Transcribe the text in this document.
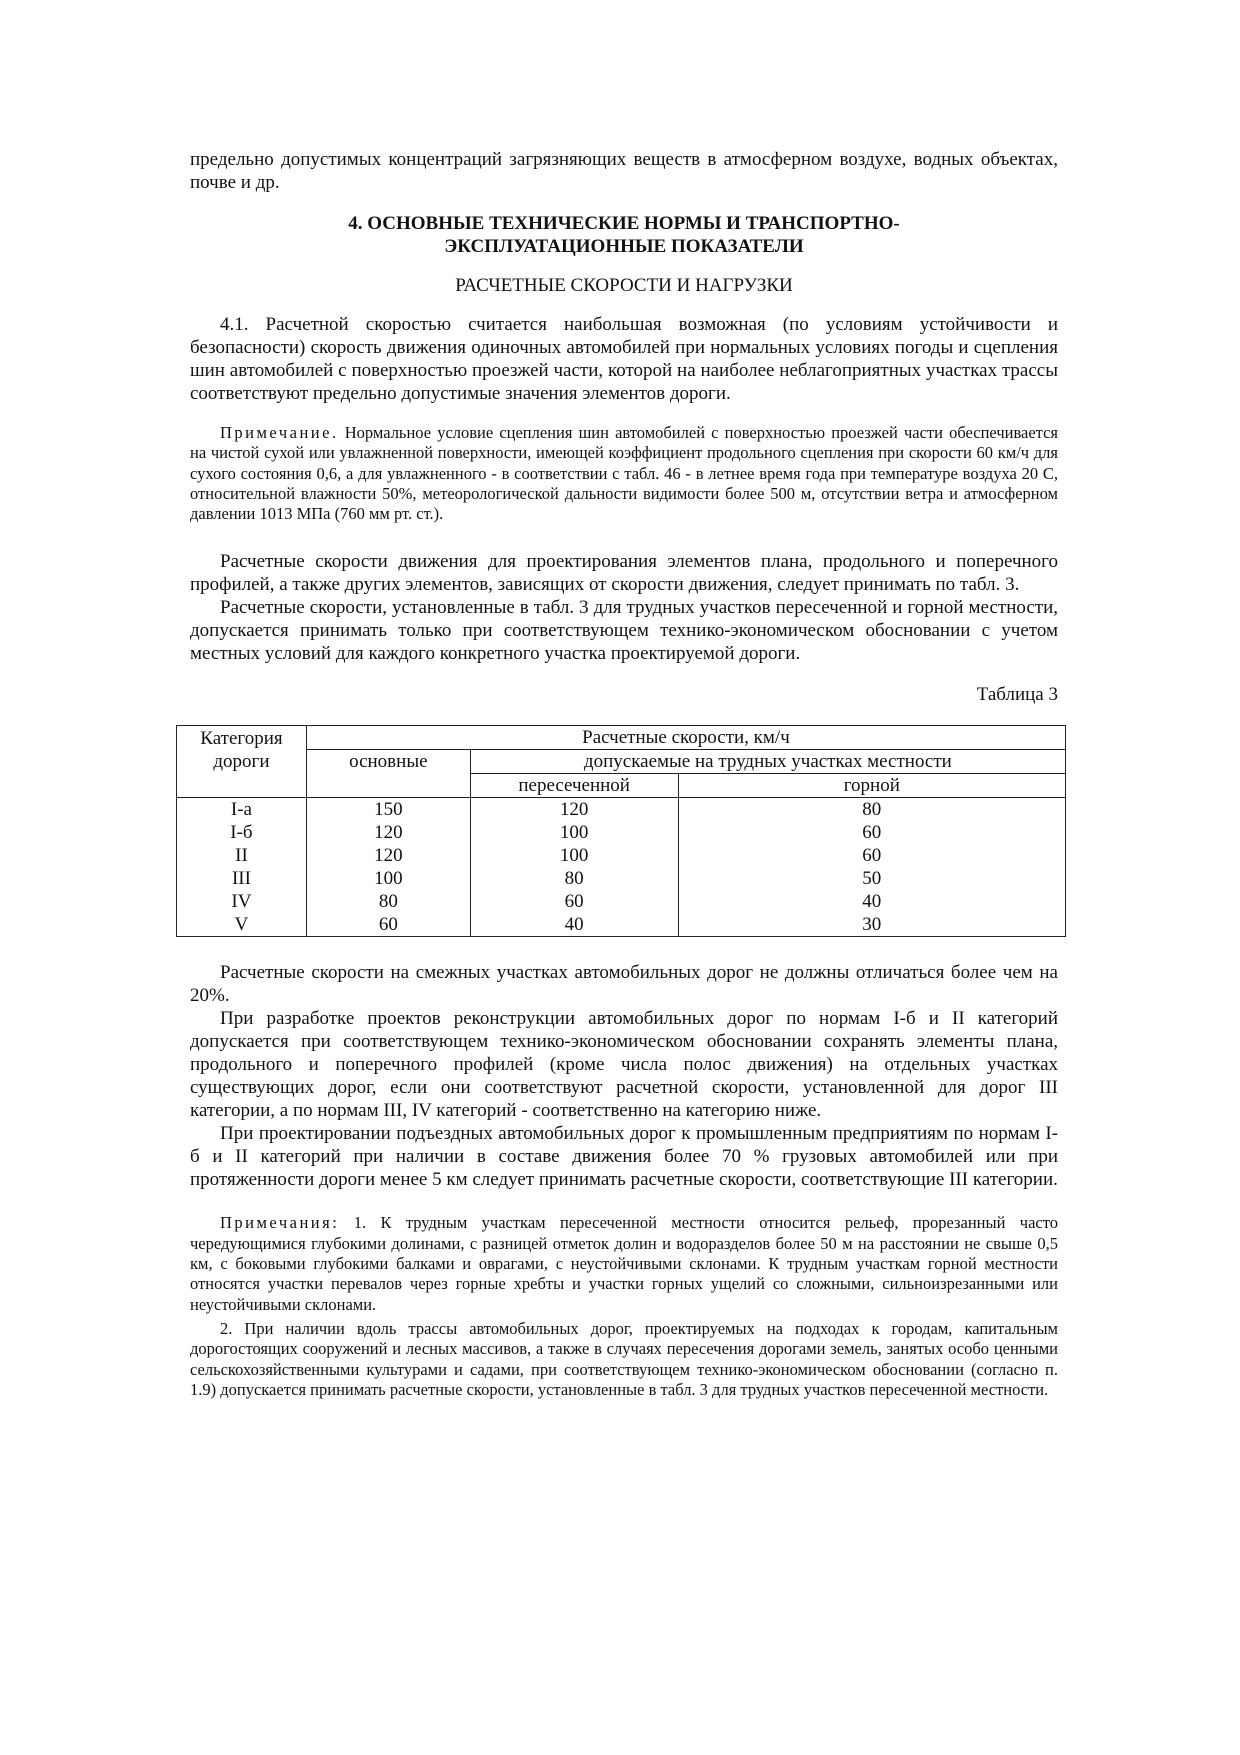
предельно допустимых концентраций загрязняющих веществ в атмосферном воздухе, водных объектах, почве и др.

4. ОСНОВНЫЕ ТЕХНИЧЕСКИЕ НОРМЫ И ТРАНСПОРТНО-
ЭКСПЛУАТАЦИОННЫЕ ПОКАЗАТЕЛИ
РАСЧЕТНЫЕ СКОРОСТИ И НАГРУЗКИ

4.1. Расчетной скоростью считается наибольшая возможная (по условиям устойчивости и безопасности) скорость движения одиночных автомобилей при нормальных условиях погоды и сцепления шин автомобилей с поверхностью проезжей части, которой на наиболее неблагоприятных участках трассы соответствуют предельно допустимые значения элементов дороги.

Примечание. Нормальное условие сцепления шин автомобилей с поверхностью проезжей части обеспечивается на чистой сухой или увлажненной поверхности, имеющей коэффициент продольного сцепления при скорости 60 км/ч для сухого состояния 0,6, а для увлажненного - в соответствии с табл. 46 - в летнее время года при температуре воздуха 20 С, относительной влажности 50%, метеорологической дальности видимости более 500 м, отсутствии ветра и атмосферном давлении 1013 МПа (760 мм рт. ст.).

Расчетные скорости движения для проектирования элементов плана, продольного и поперечного профилей, а также других элементов, зависящих от скорости движения, следует принимать по табл. 3.

Расчетные скорости, установленные в табл. 3 для трудных участков пересеченной и горной местности, допускается принимать только при соответствующем технико-экономическом обосновании с учетом местных условий для каждого конкретного участка проектируемой дороги.

Таблица 3
Категория
дороги	Расчетные скорости, км/ч		
	основные	допускаемые на трудных участках местности	
		пересеченной	горной
I-а	150	120	80
I-б	120	100	60
II	120	100	60
III	100	80	50
IV	80	60	40
V	60	40	30

Расчетные скорости на смежных участках автомобильных дорог не должны отличаться более чем на 20%.

При разработке проектов реконструкции автомобильных дорог по нормам I-б и II категорий допускается при соответствующем технико-экономическом обосновании сохранять элементы плана, продольного и поперечного профилей (кроме числа полос движения) на отдельных участках существующих дорог, если они соответствуют расчетной скорости, установленной для дорог III категории, а по нормам III, IV категорий - соответственно на категорию ниже.

При проектировании подъездных автомобильных дорог к промышленным предприятиям по нормам I-б и II категорий при наличии в составе движения более 70 % грузовых автомобилей или при протяженности дороги менее 5 км следует принимать расчетные скорости, соответствующие III категории.

Примечания: 1. К трудным участкам пересеченной местности относится рельеф, прорезанный часто чередующимися глубокими долинами, с разницей отметок долин и водоразделов более 50 м на расстоянии не свыше 0,5 км, с боковыми глубокими балками и оврагами, с неустойчивыми склонами. К трудным участкам горной местности относятся участки перевалов через горные хребты и участки горных ущелий со сложными, сильноизрезанными или неустойчивыми склонами.

2. При наличии вдоль трассы автомобильных дорог, проектируемых на подходах к городам, капитальным дорогостоящих сооружений и лесных массивов, а также в случаях пересечения дорогами земель, занятых особо ценными сельскохозяйственными культурами и садами, при соответствующем технико-экономическом обосновании (согласно п. 1.9) допускается принимать расчетные скорости, установленные в табл. 3 для трудных участков пересеченной местности.
